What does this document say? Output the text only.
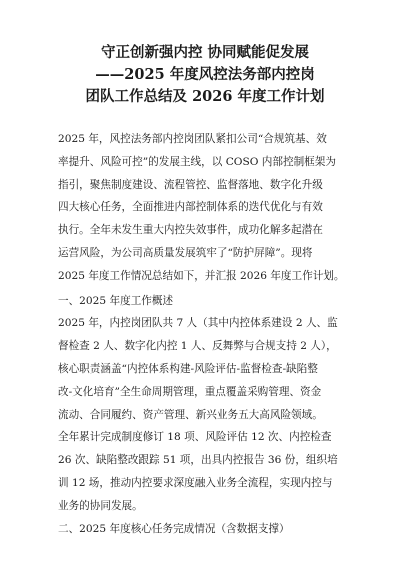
守正创新强内控 协同赋能促发展
——2025 年度风控法务部内控岗
团队工作总结及 2026 年度工作计划
2025 年，风控法务部内控岗团队紧扣公司“合规筑基、效
率提升、风险可控”的发展主线，以 COSO 内部控制框架为
指引，聚焦制度建设、流程管控、监督落地、数字化升级
四大核心任务，全面推进内部控制体系的迭代优化与有效
执行。全年未发生重大内控失效事件，成功化解多起潜在
运营风险，为公司高质量发展筑牢了“防护屏障”。现将
2025 年度工作情况总结如下，并汇报 2026 年度工作计划。
一、2025 年度工作概述
2025 年，内控岗团队共 7 人（其中内控体系建设 2 人、监
督检查 2 人、数字化内控 1 人、反舞弊与合规支持 2 人），
核心职责涵盖“内控体系构建-风险评估-监督检查-缺陷整
改-文化培育”全生命周期管理，重点覆盖采购管理、资金
流动、合同履约、资产管理、新兴业务五大高风险领域。
全年累计完成制度修订 18 项、风险评估 12 次、内控检查
26 次、缺陷整改跟踪 51 项，出具内控报告 36 份，组织培
训 12 场，推动内控要求深度融入业务全流程，实现内控与
业务的协同发展。
二、2025 年度核心任务完成情况（含数据支撑）
